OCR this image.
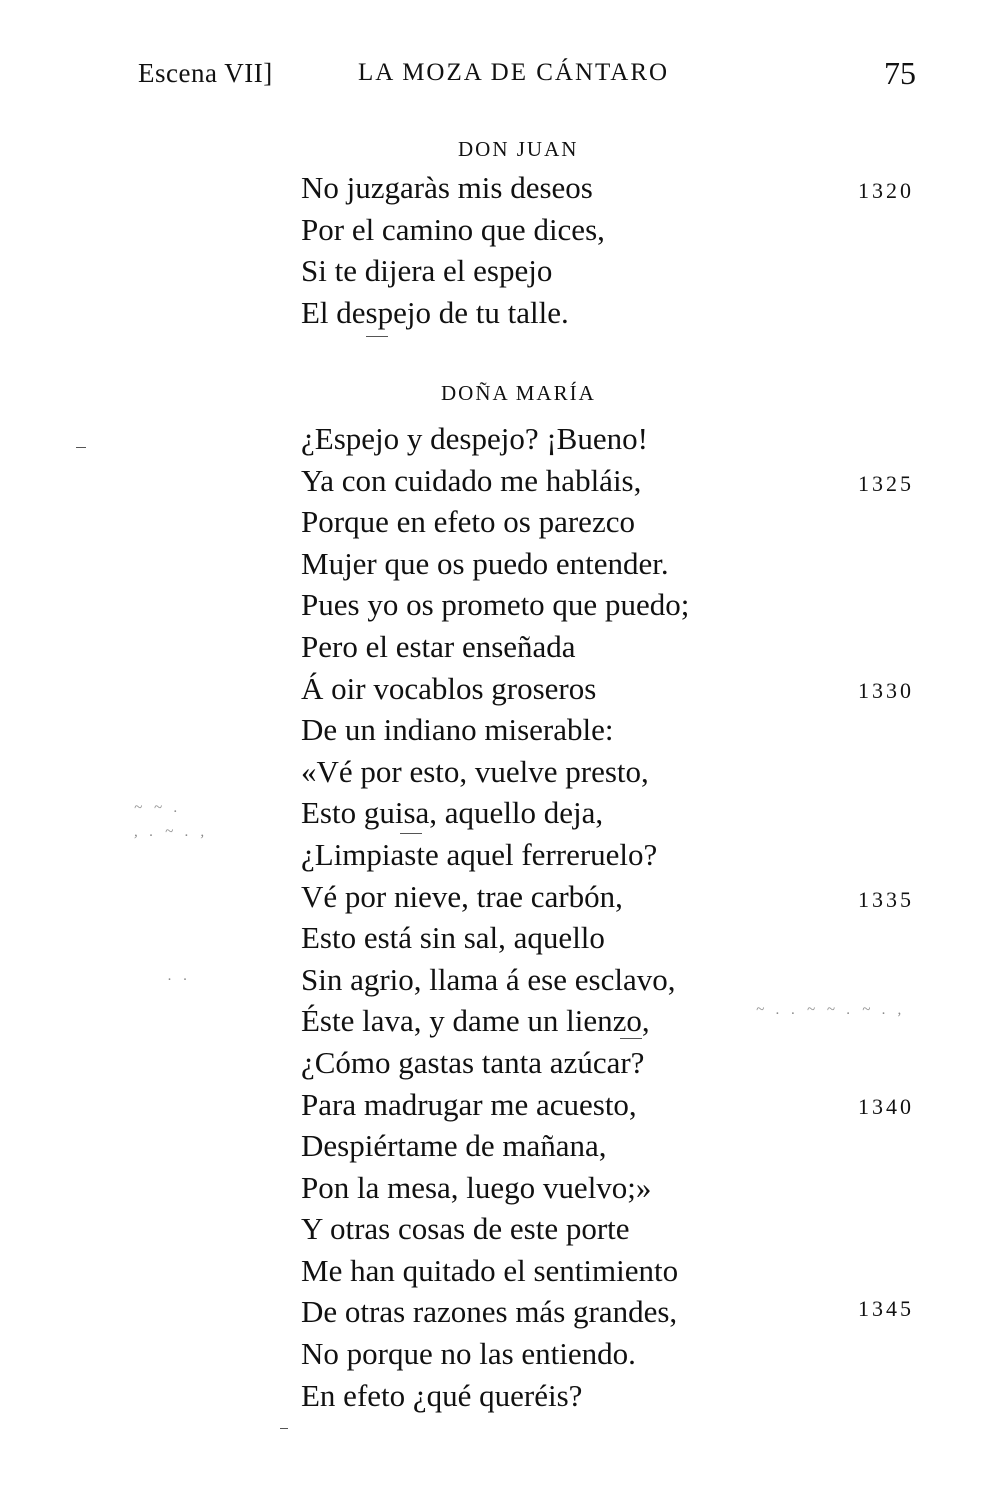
Escena VII]	LA MOZA DE CÁNTARO	75
DON JUAN
No juzgaràs mis deseos
Por el camino que dices,
Si te dijera el espejo
El despejo de tu talle.
DOÑA MARÍA
¿Espejo y despejo? ¡Bueno!
Ya con cuidado me habláis,
Porque en efeto os parezco
Mujer que os puedo entender.
Pues yo os prometo que puedo;
Pero el estar enseñada
Á oir vocablos groseros
De un indiano miserable:
«Vé por esto, vuelve presto,
Esto guisa, aquello deja,
¿Limpiaste aquel ferreruelo?
Vé por nieve, trae carbón,
Esto está sin sal, aquello
Sin agrio, llama á ese esclavo,
Éste lava, y dame un lienzo,
¿Cómo gastas tanta azúcar?
Para madrugar me acuesto,
Despiértame de mañana,
Pon la mesa, luego vuelvo;»
Y otras cosas de este porte
Me han quitado el sentimiento
De otras razones más grandes,
No porque no las entiendo.
En efeto ¿qué queréis?
1320
1325
1330
1335
1340
1345
~ ~ .
, . ~ . ,
. .
~ . . ~ ~ . ~ . ,
